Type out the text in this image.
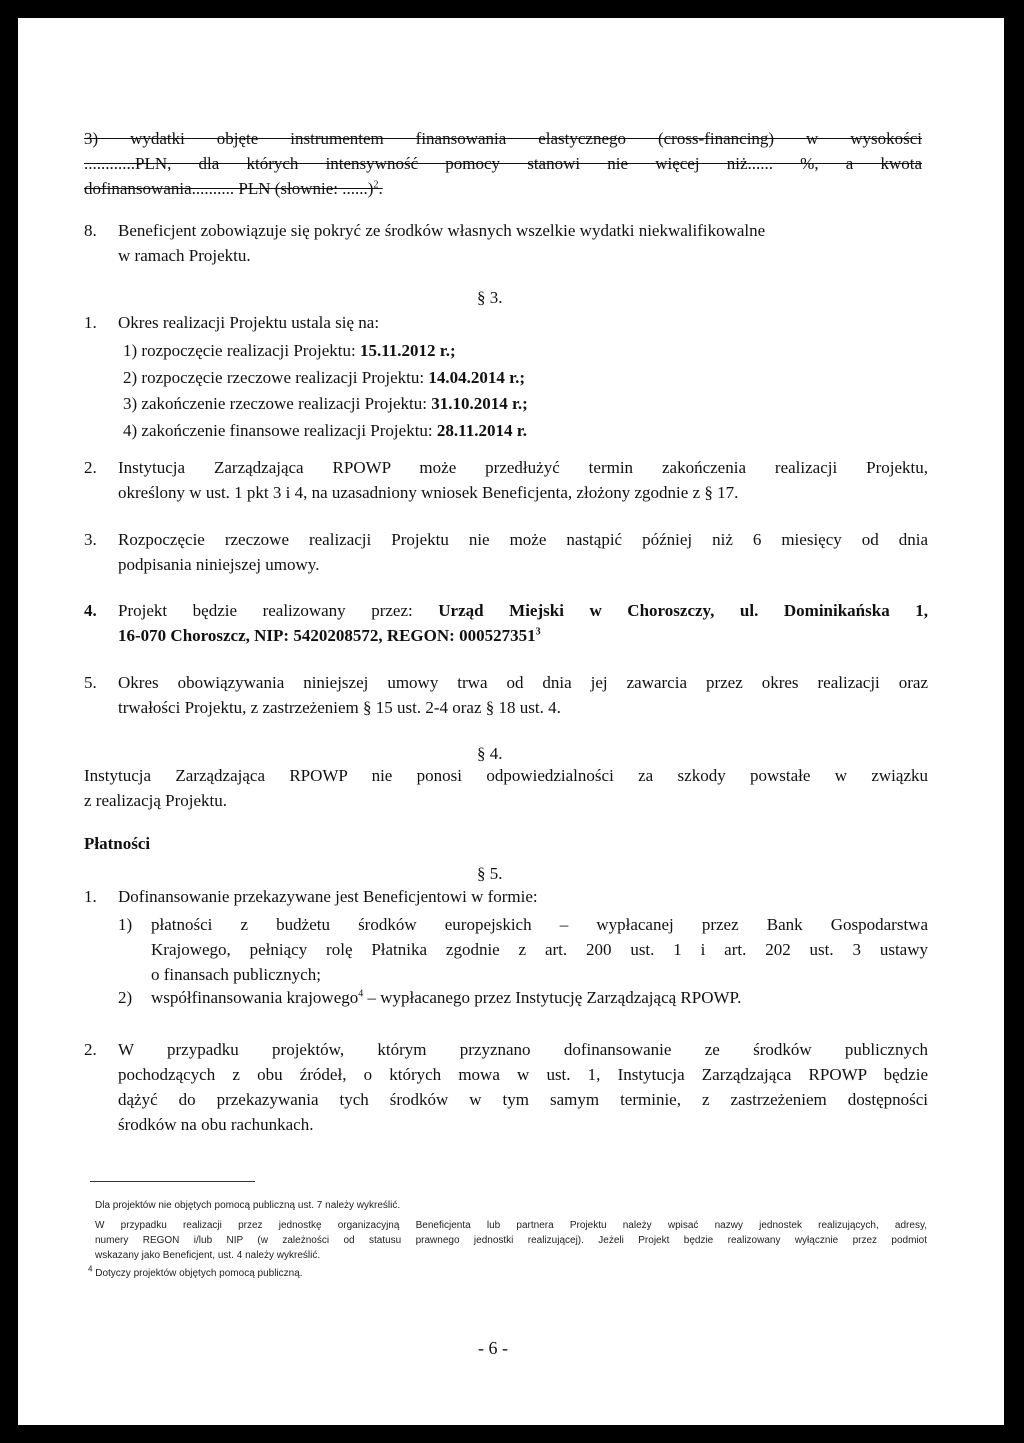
3) wydatki objęte instrumentem finansowania elastycznego (cross-financing) w wysokości
............PLN, dla których intensywność pomocy stanowi nie więcej niż...... %, a kwota
dofinansowania.......... PLN (słownie: ......)$^2$.
8. Beneficjent zobowiązuje się pokryć ze środków własnych wszelkie wydatki niekwalifikowalne
w ramach Projektu.
§ 3.
1. Okres realizacji Projektu ustala się na:
1) rozpoczęcie realizacji Projektu: 15.11.2012 r.;
2) rozpoczęcie rzeczowe realizacji Projektu: 14.04.2014 r.;
3) zakończenie rzeczowe realizacji Projektu: 31.10.2014 r.;
4) zakończenie finansowe realizacji Projektu: 28.11.2014 r.
2. Instytucja Zarządzająca RPOWP może przedłużyć termin zakończenia realizacji Projektu,
określony w ust. 1 pkt 3 i 4, na uzasadniony wniosek Beneficjenta, złożony zgodnie z § 17.
3. Rozpoczęcie rzeczowe realizacji Projektu nie może nastąpić później niż 6 miesięcy od dnia
podpisania niniejszej umowy.
4. Projekt będzie realizowany przez: Urząd Miejski w Choroszczy, ul. Dominikańska 1,
16-070 Choroszcz, NIP: 5420208572, REGON: 000527351$^3$
5. Okres obowiązywania niniejszej umowy trwa od dnia jej zawarcia przez okres realizacji oraz
trwałości Projektu, z zastrzeżeniem § 15 ust. 2-4 oraz § 18 ust. 4.
§ 4.
Instytucja Zarządzająca RPOWP nie ponosi odpowiedzialności za szkody powstałe w związku
z realizacją Projektu.
Płatności
§ 5.
1. Dofinansowanie przekazywane jest Beneficjentowi w formie:
1) płatności z budżetu środków europejskich – wypłacanej przez Bank Gospodarstwa
Krajowego, pełniący rolę Płatnika zgodnie z art. 200 ust. 1 i art. 202 ust. 3 ustawy
o finansach publicznych;
2) współfinansowania krajowego$^4$ – wypłacanego przez Instytucję Zarządzającą RPOWP.
2. W przypadku projektów, którym przyznano dofinansowanie ze środków publicznych
pochodzących z obu źródeł, o których mowa w ust. 1, Instytucja Zarządzająca RPOWP będzie
dążyć do przekazywania tych środków w tym samym terminie, z zastrzeżeniem dostępności
środków na obu rachunkach.
Dla projektów nie objętych pomocą publiczną ust. 7 należy wykreślić.
W przypadku realizacji przez jednostkę organizacyjną Beneficjenta lub partnera Projektu należy wpisać nazwy jednostek realizujących, adresy,
numery REGON i/lub NIP (w zależności od statusu prawnego jednostki realizującej). Jeżeli Projekt będzie realizowany wyłącznie przez podmiot
wskazany jako Beneficjent, ust. 4 należy wykreślić.
$^4$ Dotyczy projektów objętych pomocą publiczną.
- 6 -
